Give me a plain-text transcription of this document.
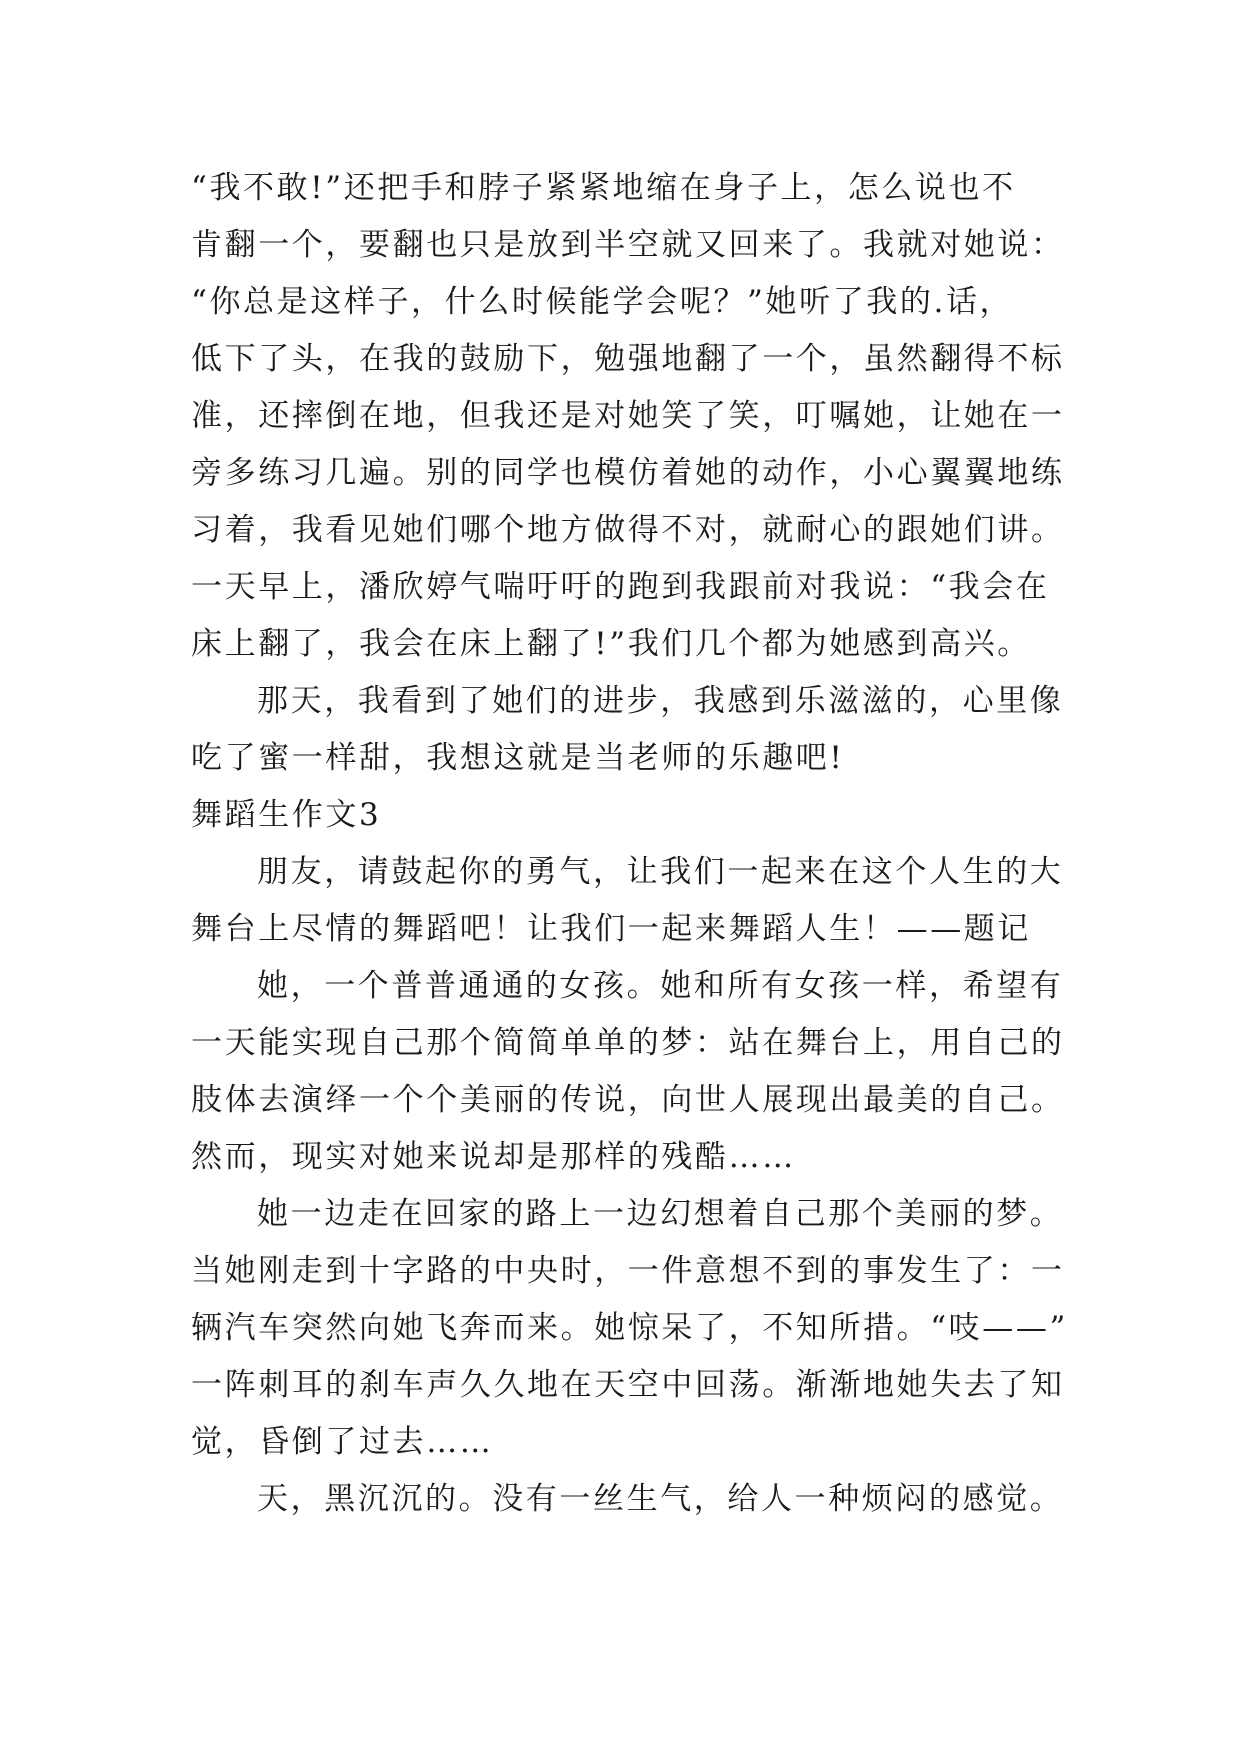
“我不敢!”还把手和脖子紧紧地缩在身子上，怎么说也不
肯翻一个，要翻也只是放到半空就又回来了。我就对她说：
“你总是这样子，什么时候能学会呢？”她听了我的.话，
低下了头，在我的鼓励下，勉强地翻了一个，虽然翻得不标
准，还摔倒在地，但我还是对她笑了笑，叮嘱她，让她在一
旁多练习几遍。别的同学也模仿着她的动作，小心翼翼地练
习着，我看见她们哪个地方做得不对，就耐心的跟她们讲。
一天早上，潘欣婷气喘吁吁的跑到我跟前对我说：“我会在
床上翻了，我会在床上翻了!”我们几个都为她感到高兴。
那天，我看到了她们的进步，我感到乐滋滋的，心里像
吃了蜜一样甜，我想这就是当老师的乐趣吧!
舞蹈生作文3
朋友，请鼓起你的勇气，让我们一起来在这个人生的大
舞台上尽情的舞蹈吧！让我们一起来舞蹈人生！——题记
她，一个普普通通的女孩。她和所有女孩一样，希望有
一天能实现自己那个简简单单的梦：站在舞台上，用自己的
肢体去演绎一个个美丽的传说，向世人展现出最美的自己。
然而，现实对她来说却是那样的残酷……
她一边走在回家的路上一边幻想着自己那个美丽的梦。
当她刚走到十字路的中央时，一件意想不到的事发生了：一
辆汽车突然向她飞奔而来。她惊呆了，不知所措。“吱——”
一阵刺耳的刹车声久久地在天空中回荡。渐渐地她失去了知
觉，昏倒了过去……
天，黑沉沉的。没有一丝生气，给人一种烦闷的感觉。
